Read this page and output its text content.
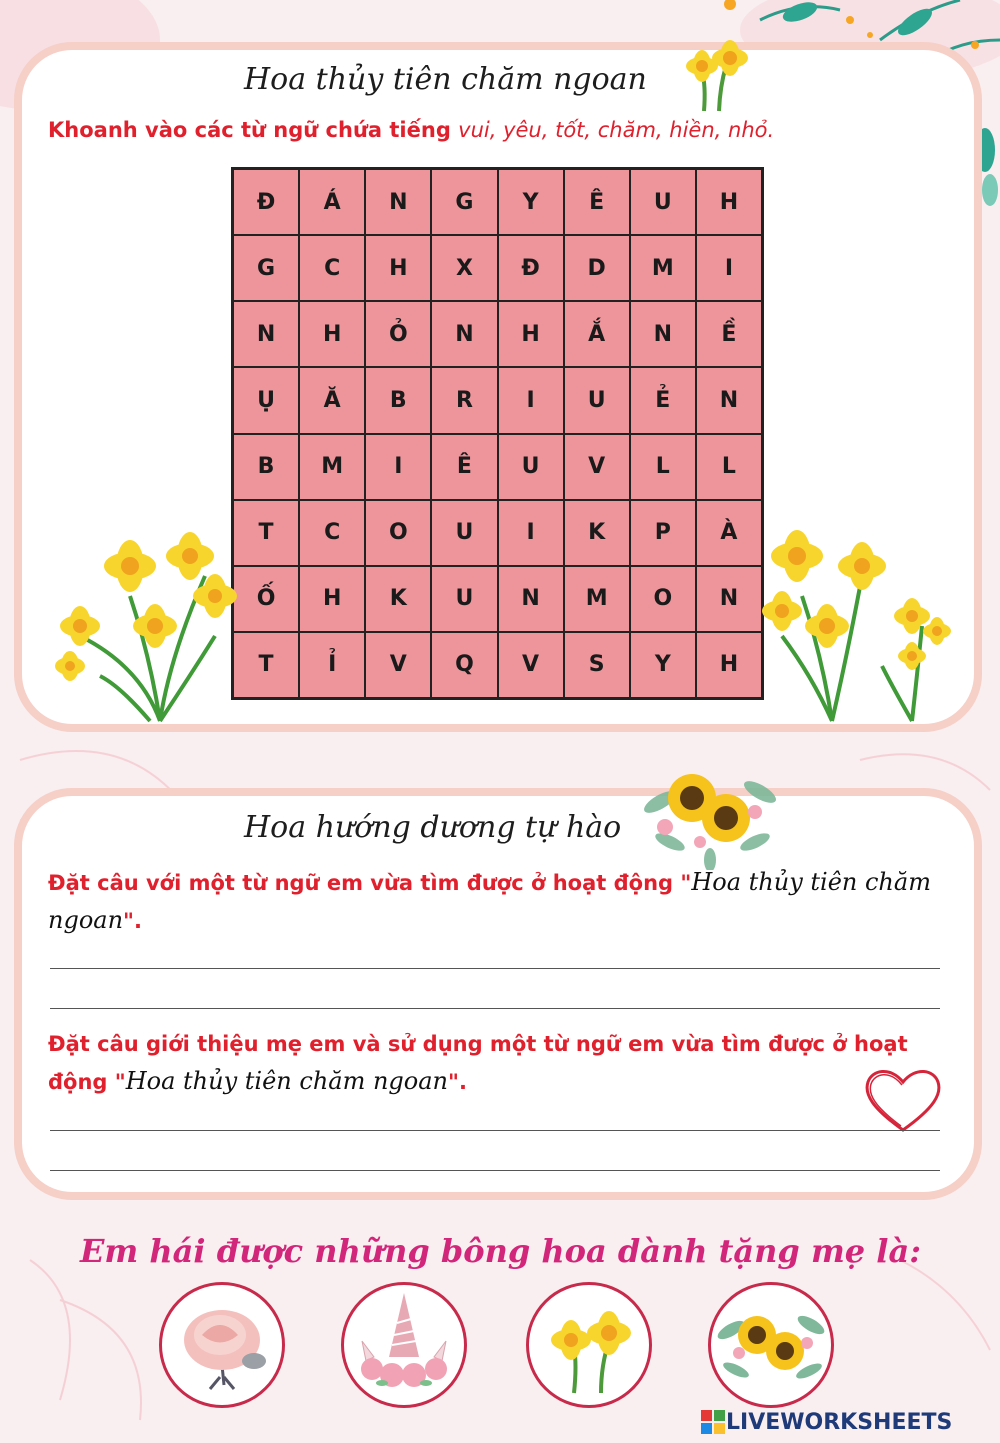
Hoa thủy tiên chăm ngoan
Khoanh vào các từ ngữ chứa tiếng vui, yêu, tốt, chăm, hiền, nhỏ.
Đ	Á	N	G	Y	Ê	U	H
G	C	H	X	Đ	D	M	I
N	H	Ỏ	N	H	Ắ	N	Ề
Ụ	Ă	B	R	I	U	Ẻ	N
B	M	I	Ê	U	V	L	L
T	C	O	U	I	K	P	À
Ố	H	K	U	N	M	O	N
T	Ỉ	V	Q	V	S	Y	H
Hoa hướng dương tự hào
Đặt câu với một từ ngữ em vừa tìm được ở hoạt động "Hoa thủy tiên chăm ngoan".
Đặt câu giới thiệu mẹ em và sử dụng một từ ngữ em vừa tìm được ở hoạt động "Hoa thủy tiên chăm ngoan".
Em hái được những bông hoa dành tặng mẹ là:
LIVEWORKSHEETS
